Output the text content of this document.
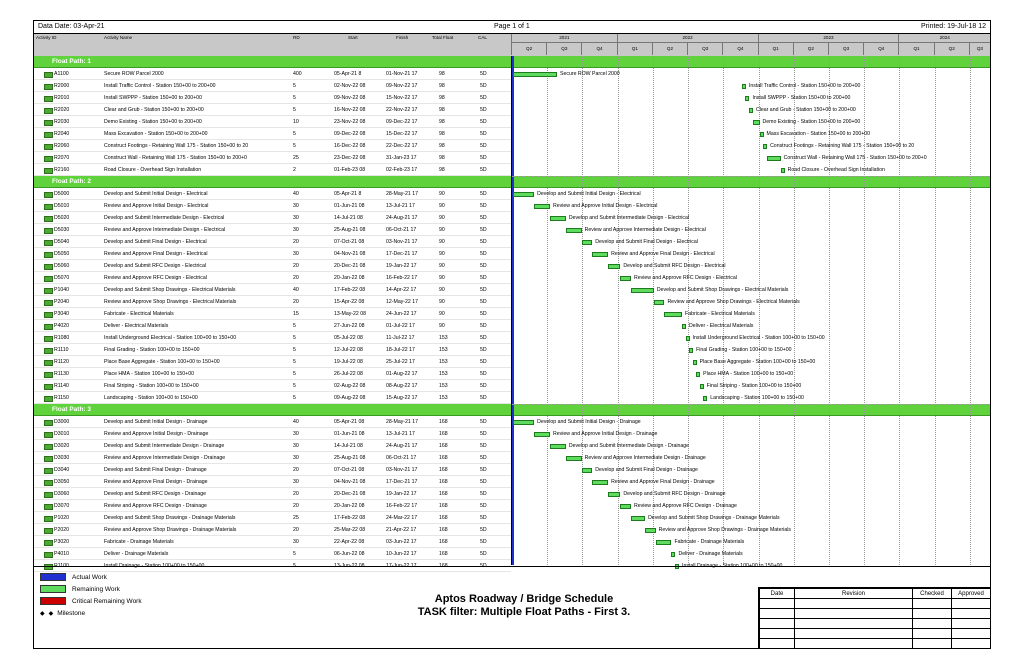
Data Date: 03-Apr-21	Page 1 of 1	Printed: 19-Jul-18 12
Activity ID	Activity Name	RD	Start	Finish	Total Float	CAL	2021	2022	2023	2024
Q2	Q3	Q4	Q1	Q2	Q3	Q4	Q1	Q2	Q3	Q4	Q1	Q2	Q3
Float Path: 1
A1100	Secure ROW Parcel 2000	400	05-Apr-21 8	01-Nov-21 17	98	5D
R2000	Install Traffic Control - Station 150+00 to 200+00	5	02-Nov-22 08	09-Nov-22 17	98	5D
R2010	Install SWPPP - Station 150+00 to 200+00	5	09-Nov-22 08	15-Nov-22 17	98	5D
R2020	Clear and Grub - Station 150+00 to 200+00	5	16-Nov-22 08	22-Nov-22 17	98	5D
R2030	Demo Existing - Station 150+00 to 200+00	10	23-Nov-22 08	09-Dec-22 17	98	5D
R2040	Mass Excavation - Station 150+00 to 200+00	5	09-Dec-22 08	15-Dec-22 17	98	5D
R2060	Construct Footings - Retaining Wall 175 - Station 150+00 to 20	5	16-Dec-22 08	22-Dec-22 17	98	5D
R2070	Construct Wall - Retaining Wall 175 - Station 150+00 to 200+0	25	23-Dec-22 08	31-Jan-23 17	98	5D
R2160	Road Closure - Overhead Sign Installation	2	01-Feb-23 08	02-Feb-23 17	98	5D
Float Path: 2
D5000	Develop and Submit Initial Design - Electrical	40	05-Apr-21 8	28-May-21 17	90	5D
D5010	Review and Approve Initial Design - Electrical	30	01-Jun-21 08	13-Jul-21 17	90	5D
D5020	Develop and Submit Intermediate Design - Electrical	30	14-Jul-21 08	24-Aug-21 17	90	5D
D5030	Review and Approve Intermediate Design - Electrical	30	25-Aug-21 08	06-Oct-21 17	90	5D
D5040	Develop and Submit Final Design - Electrical	20	07-Oct-21 08	03-Nov-21 17	90	5D
D5050	Review and Approve Final Design - Electrical	30	04-Nov-21 08	17-Dec-21 17	90	5D
D5060	Develop and Submit RFC Design - Electrical	20	20-Dec-21 08	19-Jan-22 17	90	5D
D5070	Review and Approve RFC Design - Electrical	20	20-Jan-22 08	16-Feb-22 17	90	5D
P1040	Develop and Submit Shop Drawings - Electrical Materials	40	17-Feb-22 08	14-Apr-22 17	90	5D
P2040	Review and Approve Shop Drawings - Electrical Materials	20	15-Apr-22 08	12-May-22 17	90	5D
P3040	Fabricate - Electrical Materials	15	13-May-22 08	24-Jun-22 17	90	5D
P4020	Deliver - Electrical Materials	5	27-Jun-22 08	01-Jul-22 17	90	5D
R1080	Install Underground Electrical - Station 100+00 to 150+00	5	05-Jul-22 08	11-Jul-22 17	153	5D
R1110	Final Grading - Station 100+00 to 150+00	5	12-Jul-22 08	18-Jul-22 17	153	5D
R1120	Place Base Aggregate - Station 100+00 to 150+00	5	19-Jul-22 08	25-Jul-22 17	153	5D
R1130	Place HMA - Station 100+00 to 150+00	5	26-Jul-22 08	01-Aug-22 17	153	5D
R1140	Final Striping - Station 100+00 to 150+00	5	02-Aug-22 08	08-Aug-22 17	153	5D
R1150	Landscaping - Station 100+00 to 150+00	5	09-Aug-22 08	15-Aug-22 17	153	5D
Float Path: 3
D3000	Develop and Submit Initial Design - Drainage	40	05-Apr-21 08	28-May-21 17	168	5D
D3010	Review and Approve Initial Design - Drainage	30	01-Jun-21 08	13-Jul-21 17	168	5D
D3020	Develop and Submit Intermediate Design - Drainage	30	14-Jul-21 08	24-Aug-21 17	168	5D
D3030	Review and Approve Intermediate Design - Drainage	30	25-Aug-21 08	06-Oct-21 17	168	5D
D3040	Develop and Submit Final Design - Drainage	20	07-Oct-21 08	03-Nov-21 17	168	5D
D3050	Review and Approve Final Design - Drainage	30	04-Nov-21 08	17-Dec-21 17	168	5D
D3060	Develop and Submit RFC Design - Drainage	20	20-Dec-21 08	19-Jan-22 17	168	5D
D3070	Review and Approve RFC Design - Drainage	20	20-Jan-22 08	16-Feb-22 17	168	5D
P1020	Develop and Submit Shop Drawings - Drainage Materials	25	17-Feb-22 08	24-Mar-22 17	168	5D
P2020	Review and Approve Shop Drawings - Drainage Materials	20	25-Mar-22 08	21-Apr-22 17	168	5D
P3020	Fabricate - Drainage Materials	30	22-Apr-22 08	03-Jun-22 17	168	5D
P4010	Deliver - Drainage Materials	5	06-Jun-22 08	10-Jun-22 17	168	5D
R1100	Install Drainage - Station 100+00 to 150+00	5	13-Jun-22 08	17-Jun-22 17	168	5D
Secure ROW Parcel 2000
Install Traffic Control - Station 150+00 to 200+00
Install SWPPP - Station 150+00 to 200+00
Clear and Grub - Station 150+00 to 200+00
Demo Existing - Station 150+00 to 200+00
Mass Excavation - Station 150+00 to 200+00
Construct Footings - Retaining Wall 175 - Station 150+00 to 20
Construct Wall - Retaining Wall 175 - Station 150+00 to 200+0
Road Closure - Overhead Sign Installation
Develop and Submit Initial Design - Electrical
Review and Approve Initial Design - Electrical
Develop and Submit Intermediate Design - Electrical
Review and Approve Intermediate Design - Electrical
Develop and Submit Final Design - Electrical
Review and Approve Final Design - Electrical
Develop and Submit RFC Design - Electrical
Review and Approve RFC Design - Electrical
Develop and Submit Shop Drawings - Electrical Materials
Review and Approve Shop Drawings - Electrical Materials
Fabricate - Electrical Materials
Deliver - Electrical Materials
Install Underground Electrical - Station 100+00 to 150+00
Final Grading - Station 100+00 to 150+00
Place Base Aggregate - Station 100+00 to 150+00
Place HMA - Station 100+00 to 150+00
Final Striping - Station 100+00 to 150+00
Landscaping - Station 100+00 to 150+00
Develop and Submit Initial Design - Drainage
Review and Approve Initial Design - Drainage
Develop and Submit Intermediate Design - Drainage
Review and Approve Intermediate Design - Drainage
Develop and Submit Final Design - Drainage
Review and Approve Final Design - Drainage
Develop and Submit RFC Design - Drainage
Review and Approve RFC Design - Drainage
Develop and Submit Shop Drawings - Drainage Materials
Review and Approve Shop Drawings - Drainage Materials
Fabricate - Drainage Materials
Deliver - Drainage Materials
Install Drainage - Station 100+00 to 150+00
Actual Work
Remaining Work
Critical Remaining Work
◆ ◆ Milestone
Aptos Roadway / Bridge Schedule
TASK filter: Multiple Float Paths - First 3.
Date	Revision	Checked	Approved
